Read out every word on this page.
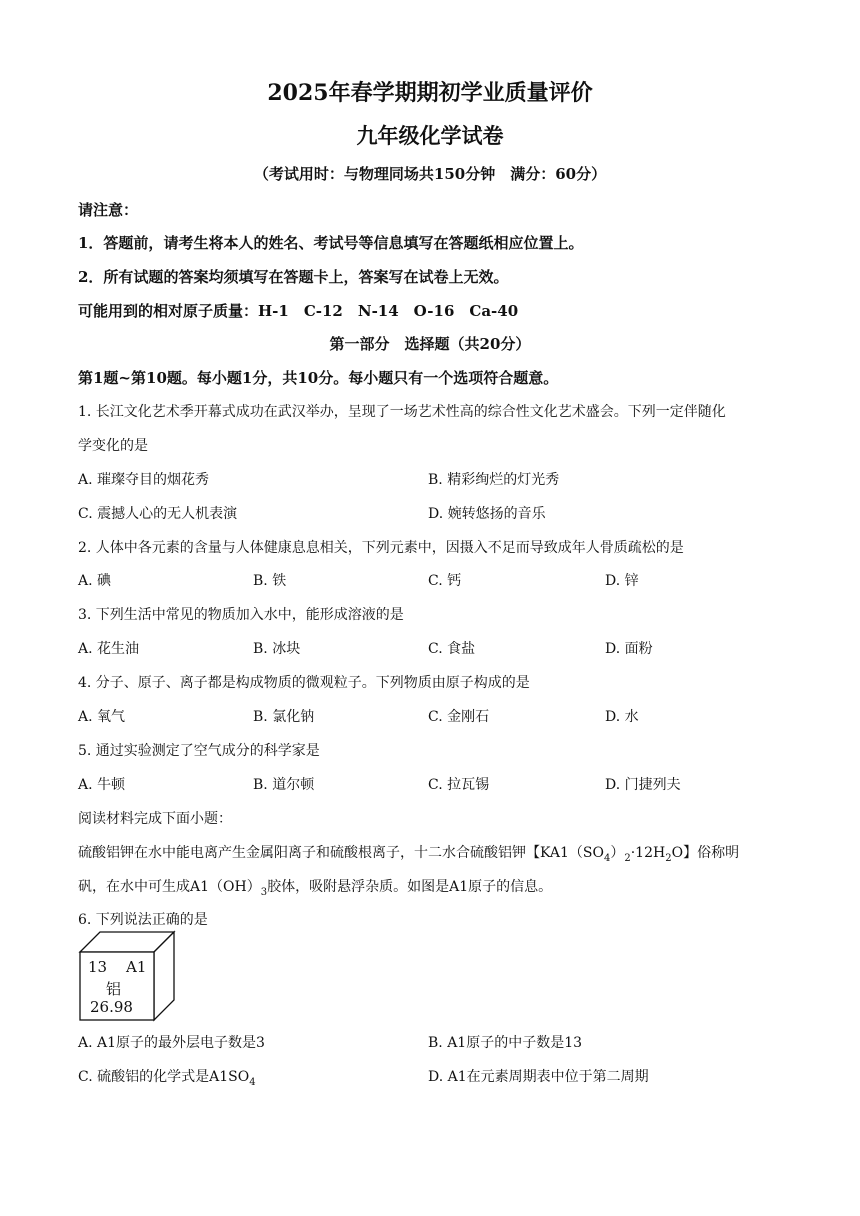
2025年春学期期初学业质量评价
九年级化学试卷
（考试用时：与物理同场共150分钟　满分：60分）
请注意：
1．答题前，请考生将本人的姓名、考试号等信息填写在答题纸相应位置上。
2．所有试题的答案均须填写在答题卡上，答案写在试卷上无效。
可能用到的相对原子质量：H-1　C-12　N-14　O-16　Ca-40
第一部分　选择题（共20分）
第1题~第10题。每小题1分，共10分。每小题只有一个选项符合题意。
1. 长江文化艺术季开幕式成功在武汉举办，呈现了一场艺术性高的综合性文化艺术盛会。下列一定伴随化
学变化的是
A. 璀璨夺目的烟花秀	B. 精彩绚烂的灯光秀
C. 震撼人心的无人机表演	D. 婉转悠扬的音乐
2. 人体中各元素的含量与人体健康息息相关，下列元素中，因摄入不足而导致成年人骨质疏松的是
A. 碘	B. 铁	C. 钙	D. 锌
3. 下列生活中常见的物质加入水中，能形成溶液的是
A. 花生油	B. 冰块	C. 食盐	D. 面粉
4. 分子、原子、离子都是构成物质的微观粒子。下列物质由原子构成的是
A. 氧气	B. 氯化钠	C. 金刚石	D. 水
5. 通过实验测定了空气成分的科学家是
A. 牛顿	B. 道尔顿	C. 拉瓦锡	D. 门捷列夫
阅读材料完成下面小题：
硫酸铝钾在水中能电离产生金属阳离子和硫酸根离子，十二水合硫酸铝钾【$KA1(SO_4)_2\cdot 12H_2O$】俗称明
矾，在水中可生成$A1(OH)_3$胶体，吸附悬浮杂质。如图是A1原子的信息。
6. 下列说法正确的是
13 A1
铝
26.98
A. A1原子的最外层电子数是3	B. A1原子的中子数是13
C. 硫酸铝的化学式是$A1SO_4$	D. A1在元素周期表中位于第二周期
